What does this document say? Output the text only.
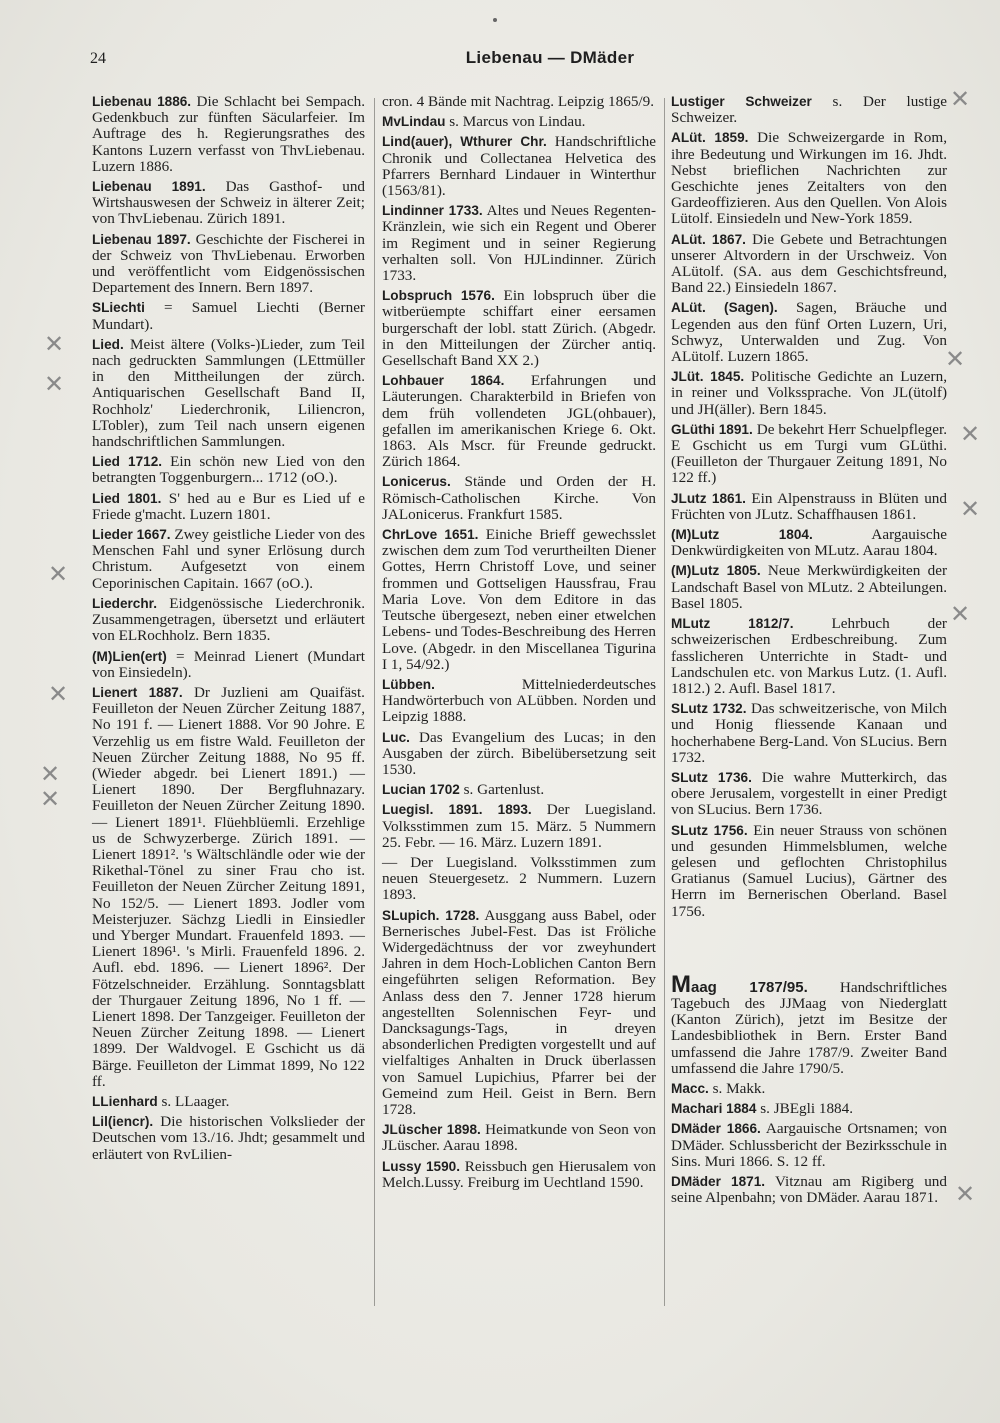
24	Liebenau — DMäder
Liebenau 1886. Die Schlacht bei Sempach. Gedenkbuch zur fünften Säcularfeier. Im Auftrage des h. Regierungsrathes des Kantons Luzern verfasst von ThvLiebenau. Luzern 1886.
Liebenau 1891. Das Gasthof- und Wirtshauswesen der Schweiz in älterer Zeit; von ThvLiebenau. Zürich 1891.
Liebenau 1897. Geschichte der Fischerei in der Schweiz von ThvLiebenau. Erworben und veröffentlicht vom Eidgenössischen Departement des Innern. Bern 1897.
SLiechti = Samuel Liechti (Berner Mundart).
Lied. Meist ältere (Volks-)Lieder, zum Teil nach gedruckten Sammlungen (LEttmüller in den Mittheilungen der zürch. Antiquarischen Gesellschaft Band II, Rochholz' Liederchronik, Liliencron, LTobler), zum Teil nach unsern eigenen handschriftlichen Sammlungen.
Lied 1712. Ein schön new Lied von den betrangten Toggenburgern... 1712 (oO.).
Lied 1801. S' hed au e Bur es Lied uf e Friede g'macht. Luzern 1801.
Lieder 1667. Zwey geistliche Lieder von des Menschen Fahl und syner Erlösung durch Christum. Aufgesetzt von einem Ceporinischen Capitain. 1667 (oO.).
Liederchr. Eidgenössische Liederchronik. Zusammengetragen, übersetzt und erläutert von ELRochholz. Bern 1835.
(M)Lien(ert) = Meinrad Lienert (Mundart von Einsiedeln).
Lienert 1887. Dr Juzlieni am Quaifäst. Feuilleton der Neuen Zürcher Zeitung 1887, No 191 f. — Lienert 1888. Vor 90 Johre. E Verzehlig us em fistre Wald. Feuilleton der Neuen Zürcher Zeitung 1888, No 95 ff. (Wieder abgedr. bei Lienert 1891.) — Lienert 1890. Der Bergfluhnazary. Feuilleton der Neuen Zürcher Zeitung 1890. — Lienert 1891¹. Flüehblüemli. Erzehlige us de Schwyzerberge. Zürich 1891. — Lienert 1891². 's Wältschländle oder wie der Rikethal-Tönel zu siner Frau cho ist. Feuilleton der Neuen Zürcher Zeitung 1891, No 152/5. — Lienert 1893. Jodler vom Meisterjuzer. Sächzg Liedli in Einsiedler und Yberger Mundart. Frauenfeld 1893. — Lienert 1896¹. 's Mirli. Frauenfeld 1896. 2. Aufl. ebd. 1896. — Lienert 1896². Der Fötzelschneider. Erzählung. Sonntagsblatt der Thurgauer Zeitung 1896, No 1 ff. — Lienert 1898. Der Tanzgeiger. Feuilleton der Neuen Zürcher Zeitung 1898. — Lienert 1899. Der Waldvogel. E Gschicht us dä Bärge. Feuilleton der Limmat 1899, No 122 ff.
LLienhard s. LLaager.
Lil(iencr). Die historischen Volkslieder der Deutschen vom 13./16. Jhdt; gesammelt und erläutert von RvLilien-
cron. 4 Bände mit Nachtrag. Leipzig 1865/9.
MvLindau s. Marcus von Lindau.
Lind(auer), Wthurer Chr. Handschriftliche Chronik und Collectanea Helvetica des Pfarrers Bernhard Lindauer in Winterthur (1563/81).
Lindinner 1733. Altes und Neues Regenten-Kränzlein, wie sich ein Regent und Oberer im Regiment und in seiner Regierung verhalten soll. Von HJLindinner. Zürich 1733.
Lobspruch 1576. Ein lobspruch über die witberüempte schiffart einer eersamen burgerschaft der lobl. statt Zürich. (Abgedr. in den Mitteilungen der Zürcher antiq. Gesellschaft Band XX 2.)
Lohbauer 1864. Erfahrungen und Läuterungen. Charakterbild in Briefen von dem früh vollendeten JGL(ohbauer), gefallen im amerikanischen Kriege 6. Okt. 1863. Als Mscr. für Freunde gedruckt. Zürich 1864.
Lonicerus. Stände und Orden der H. Römisch-Catholischen Kirche. Von JALonicerus. Frankfurt 1585.
ChrLove 1651. Einiche Brieff gewechsslet zwischen dem zum Tod verurtheilten Diener Gottes, Herrn Christoff Love, und seiner frommen und Gottseligen Haussfrau, Frau Maria Love. Von dem Editore in das Teutsche übergesezt, neben einer etwelchen Lebens- und Todes-Beschreibung des Herren Love. (Abgedr. in den Miscellanea Tigurina I 1, 54/92.)
Lübben. Mittelniederdeutsches Handwörterbuch von ALübben. Norden und Leipzig 1888.
Luc. Das Evangelium des Lucas; in den Ausgaben der zürch. Bibelübersetzung seit 1530.
Lucian 1702 s. Gartenlust.
Luegisl. 1891. 1893. Der Luegisland. Volksstimmen zum 15. März. 5 Nummern 25. Febr. — 16. März. Luzern 1891.
— Der Luegisland. Volksstimmen zum neuen Steuergesetz. 2 Nummern. Luzern 1893.
SLupich. 1728. Ausggang auss Babel, oder Bernerisches Jubel-Fest. Das ist Fröliche Widergedächtnuss der vor zweyhundert Jahren in dem Hoch-Loblichen Canton Bern eingeführten seligen Reformation. Bey Anlass dess den 7. Jenner 1728 hierum angestellten Solennischen Feyr- und Dancksagungs-Tags, in dreyen absonderlichen Predigten vorgestellt und auf vielfaltiges Anhalten in Druck überlassen von Samuel Lupichius, Pfarrer bei der Gemeind zum Heil. Geist in Bern. Bern 1728.
JLüscher 1898. Heimatkunde von Seon von JLüscher. Aarau 1898.
Lussy 1590. Reissbuch gen Hierusalem von Melch.Lussy. Freiburg im Uechtland 1590.
Lustiger Schweizer s. Der lustige Schweizer.
ALüt. 1859. Die Schweizergarde in Rom, ihre Bedeutung und Wirkungen im 16. Jhdt. Nebst brieflichen Nachrichten zur Geschichte jenes Zeitalters von den Gardeoffizieren. Aus den Quellen. Von Alois Lütolf. Einsiedeln und New-York 1859.
ALüt. 1867. Die Gebete und Betrachtungen unserer Altvordern in der Urschweiz. Von ALütolf. (SA. aus dem Geschichtsfreund, Band 22.) Einsiedeln 1867.
ALüt. (Sagen). Sagen, Bräuche und Legenden aus den fünf Orten Luzern, Uri, Schwyz, Unterwalden und Zug. Von ALütolf. Luzern 1865.
JLüt. 1845. Politische Gedichte an Luzern, in reiner und Volkssprache. Von JL(ütolf) und JH(äller). Bern 1845.
GLüthi 1891. De bekehrt Herr Schuelpfleger. E Gschicht us em Turgi vum GLüthi. (Feuilleton der Thurgauer Zeitung 1891, No 122 ff.)
JLutz 1861. Ein Alpenstrauss in Blüten und Früchten von JLutz. Schaffhausen 1861.
(M)Lutz 1804. Aargauische Denkwürdigkeiten von MLutz. Aarau 1804.
(M)Lutz 1805. Neue Merkwürdigkeiten der Landschaft Basel von MLutz. 2 Abteilungen. Basel 1805.
MLutz 1812/7. Lehrbuch der schweizerischen Erdbeschreibung. Zum fasslicheren Unterrichte in Stadt- und Landschulen etc. von Markus Lutz. (1. Aufl. 1812.) 2. Aufl. Basel 1817.
SLutz 1732. Das schweitzerische, von Milch und Honig fliessende Kanaan und hocherhabene Berg-Land. Von SLucius. Bern 1732.
SLutz 1736. Die wahre Mutterkirch, das obere Jerusalem, vorgestellt in einer Predigt von SLucius. Bern 1736.
SLutz 1756. Ein neuer Strauss von schönen und gesunden Himmelsblumen, welche gelesen und geflochten Christophilus Gratianus (Samuel Lucius), Gärtner des Herrn im Bernerischen Oberland. Basel 1756.
Maag 1787/95. Handschriftliches Tagebuch des JJMaag von Niederglatt (Kanton Zürich), jetzt im Besitze der Landesbibliothek in Bern. Erster Band umfassend die Jahre 1787/9. Zweiter Band umfassend die Jahre 1790/5.
Macc. s. Makk.
Machari 1884 s. JBEgli 1884.
DMäder 1866. Aargauische Ortsnamen; von DMäder. Schlussbericht der Bezirksschule in Sins. Muri 1866. S. 12 ff.
DMäder 1871. Vitznau am Rigiberg und seine Alpenbahn; von DMäder. Aarau 1871.
✕
✕
✕
✕
✕
✕
✕
✕
✕
✕
✕
✕
